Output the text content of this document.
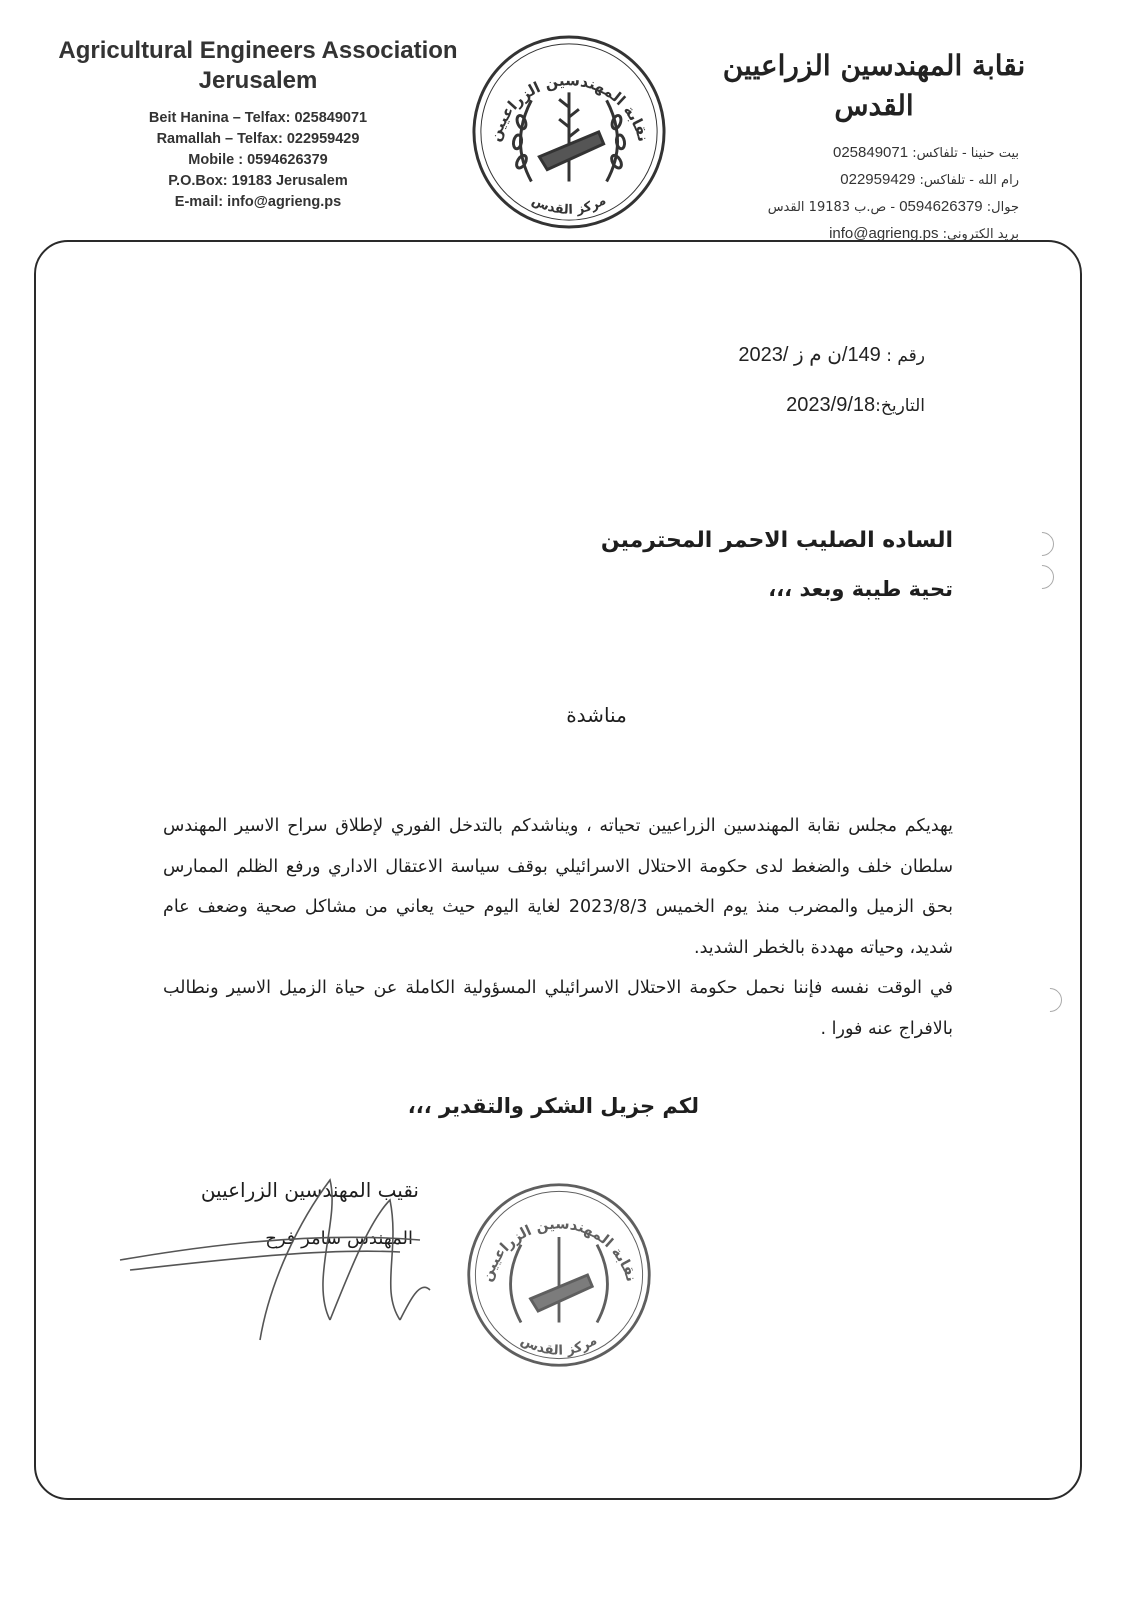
Agricultural Engineers Association
Jerusalem
Beit Hanina – Telfax: 025849071
Ramallah – Telfax: 022959429
Mobile : 0594626379
P.O.Box: 19183 Jerusalem
E-mail: info@agrieng.ps
نقابة المهندسين الزراعيين
مركز القدس
نقابة المهندسين الزراعيين
القدس
بيت حنينا - تلفاكس: 025849071
رام الله - تلفاكس: 022959429
جوال: 0594626379 - ص.ب 19183 القدس
بريد الكتروني: info@agrieng.ps
رقم : 149/ن م ز /2023
التاريخ:2023/9/18
الساده الصليب الاحمر المحترمين
تحية طيبة وبعد ،،،
مناشدة

يهديكم مجلس نقابة المهندسين الزراعيين تحياته ، ويناشدكم بالتدخل الفوري لإطلاق سراح الاسير المهندس سلطان خلف والضغط لدى حكومة الاحتلال الاسرائيلي بوقف سياسة الاعتقال الاداري ورفع الظلم الممارس بحق الزميل والمضرب منذ يوم الخميس 2023/8/3 لغاية اليوم حيث يعاني من مشاكل صحية وضعف عام شديد، وحياته مهددة بالخطر الشديد.

في الوقت نفسه فإننا نحمل حكومة الاحتلال الاسرائيلي المسؤولية الكاملة عن حياة الزميل الاسير ونطالب بالافراج عنه فورا .

لكم جزيل الشكر والتقدير ،،،
نقيب المهندسين الزراعيين
المهندس سامر فرح
نقابة المهندسين الزراعيين
مركز القدس
